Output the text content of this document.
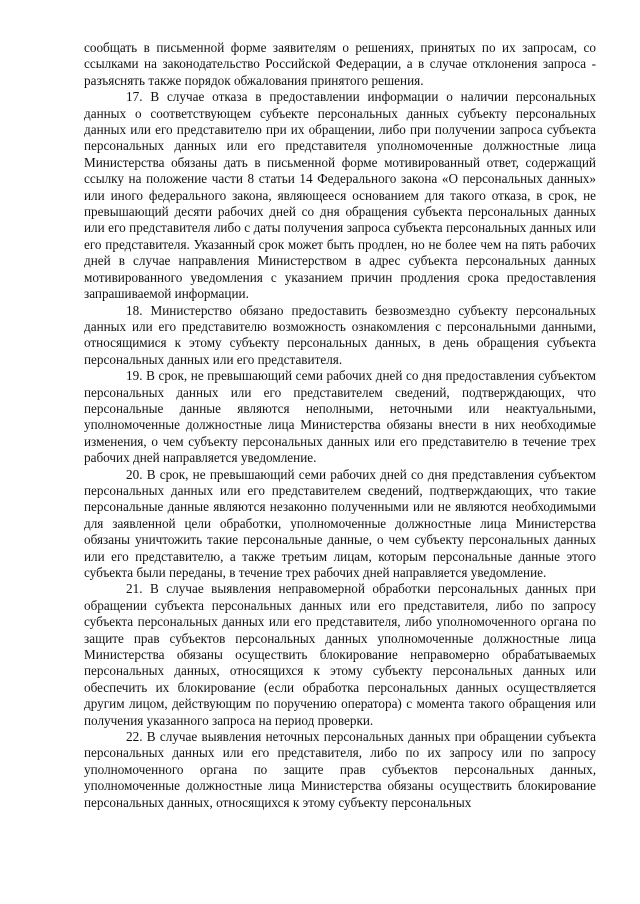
сообщать в письменной форме заявителям о решениях, принятых по их запросам, со ссылками на законодательство Российской Федерации, а в случае отклонения запроса - разъяснять также порядок обжалования принятого решения.

17. В случае отказа в предоставлении информации о наличии персональных данных о соответствующем субъекте персональных данных субъекту персональных данных или его представителю при их обращении, либо при получении запроса субъекта персональных данных или его представителя уполномоченные должностные лица Министерства обязаны дать в письменной форме мотивированный ответ, содержащий ссылку на положение части 8 статьи 14 Федерального закона «О персональных данных» или иного федерального закона, являющееся основанием для такого отказа, в срок, не превышающий десяти рабочих дней со дня обращения субъекта персональных данных или его представителя либо с даты получения запроса субъекта персональных данных или его представителя. Указанный срок может быть продлен, но не более чем на пять рабочих дней в случае направления Министерством в адрес субъекта персональных данных мотивированного уведомления с указанием причин продления срока предоставления запрашиваемой информации.

18. Министерство обязано предоставить безвозмездно субъекту персональных данных или его представителю возможность ознакомления с персональными данными, относящимися к этому субъекту персональных данных, в день обращения субъекта персональных данных или его представителя.

19. В срок, не превышающий семи рабочих дней со дня предоставления субъектом персональных данных или его представителем сведений, подтверждающих, что персональные данные являются неполными, неточными или неактуальными, уполномоченные должностные лица Министерства обязаны внести в них необходимые изменения, о чем субъекту персональных данных или его представителю в течение трех рабочих дней направляется уведомление.

20. В срок, не превышающий семи рабочих дней со дня представления субъектом персональных данных или его представителем сведений, подтверждающих, что такие персональные данные являются незаконно полученными или не являются необходимыми для заявленной цели обработки, уполномоченные должностные лица Министерства обязаны уничтожить такие персональные данные, о чем субъекту персональных данных или его представителю, а также третьим лицам, которым персональные данные этого субъекта были переданы, в течение трех рабочих дней направляется уведомление.

21. В случае выявления неправомерной обработки персональных данных при обращении субъекта персональных данных или его представителя, либо по запросу субъекта персональных данных или его представителя, либо уполномоченного органа по защите прав субъектов персональных данных уполномоченные должностные лица Министерства обязаны осуществить блокирование неправомерно обрабатываемых персональных данных, относящихся к этому субъекту персональных данных или обеспечить их блокирование (если обработка персональных данных осуществляется другим лицом, действующим по поручению оператора) с момента такого обращения или получения указанного запроса на период проверки.

22. В случае выявления неточных персональных данных при обращении субъекта персональных данных или его представителя, либо по их запросу или по запросу уполномоченного органа по защите прав субъектов персональных данных, уполномоченные должностные лица Министерства обязаны осуществить блокирование персональных данных, относящихся к этому субъекту персональных
